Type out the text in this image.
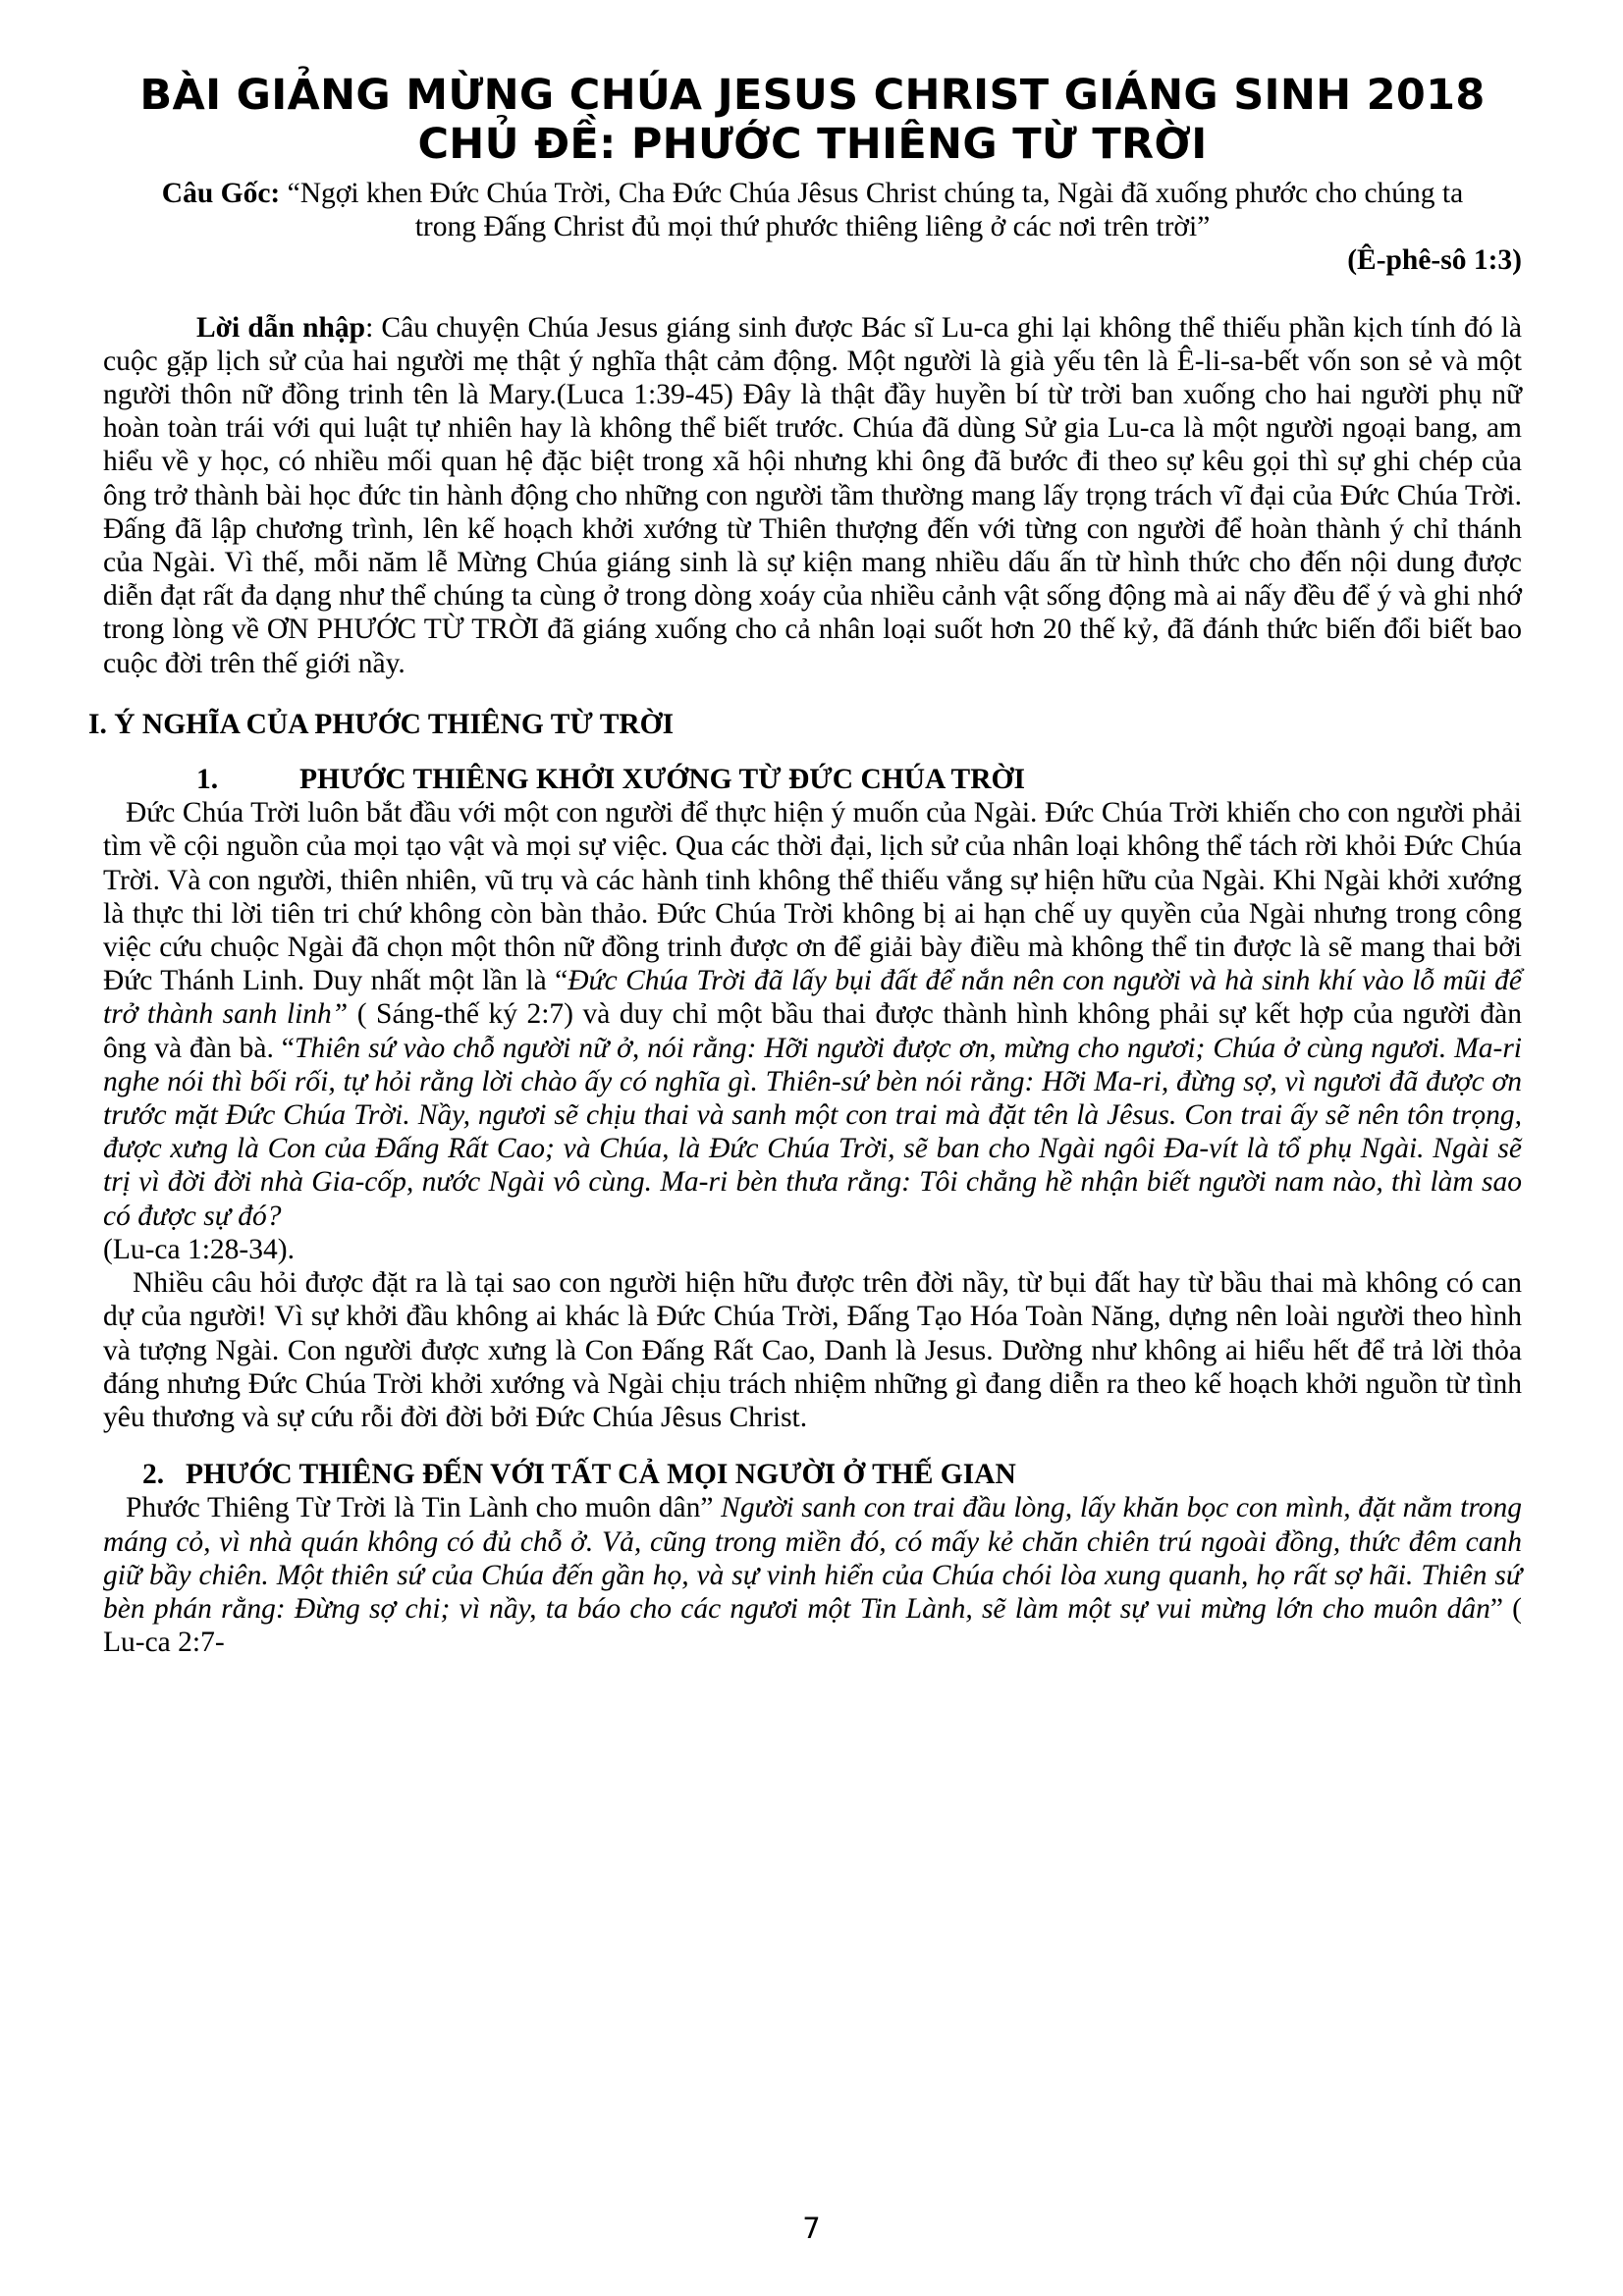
BÀI GIẢNG MỪNG CHÚA JESUS CHRIST GIÁNG SINH 2018
CHỦ ĐỀ: PHƯỚC THIÊNG TỪ TRỜI

Câu Gốc: “Ngợi khen Đức Chúa Trời, Cha Đức Chúa Jêsus Christ chúng ta, Ngài đã xuống phước cho chúng ta trong Đấng Christ đủ mọi thứ phước thiêng liêng ở các nơi trên trời”

(Ê-phê-sô 1:3)

Lời dẫn nhập: Câu chuyện Chúa Jesus giáng sinh được Bác sĩ Lu-ca ghi lại không thể thiếu phần kịch tính đó là cuộc gặp lịch sử của hai người mẹ thật ý nghĩa thật cảm động. Một người là già yếu tên là Ê-li-sa-bết vốn son sẻ và một người thôn nữ đồng trinh tên là Mary.(Luca 1:39-45) Đây là thật đầy huyền bí từ trời ban xuống cho hai người phụ nữ hoàn toàn trái với qui luật tự nhiên hay là không thể biết trước. Chúa đã dùng Sử gia Lu-ca là một người ngoại bang, am hiểu về y học, có nhiều mối quan hệ đặc biệt trong xã hội nhưng khi ông đã bước đi theo sự kêu gọi thì sự ghi chép của ông trở thành bài học đức tin hành động cho những con người tầm thường mang lấy trọng trách vĩ đại của Đức Chúa Trời. Đấng đã lập chương trình, lên kế hoạch khởi xướng từ Thiên thượng đến với từng con người để hoàn thành ý chỉ thánh của Ngài. Vì thế, mỗi năm lễ Mừng Chúa giáng sinh là sự kiện mang nhiều dấu ấn từ hình thức cho đến nội dung được diễn đạt rất đa dạng như thể chúng ta cùng ở trong dòng xoáy của nhiều cảnh vật sống động mà ai nấy đều để ý và ghi nhớ trong lòng về ƠN PHƯỚC TỪ TRỜI đã giáng xuống cho cả nhân loại suốt hơn 20 thế kỷ, đã đánh thức biến đổi biết bao cuộc đời trên thế giới nầy.

I. Ý NGHĨA CỦA PHƯỚC THIÊNG TỪ TRỜI

1.	PHƯỚC THIÊNG KHỞI XƯỚNG TỪ ĐỨC CHÚA TRỜI

Đức Chúa Trời luôn bắt đầu với một con người để thực hiện ý muốn của Ngài. Đức Chúa Trời khiến cho con người phải tìm về cội nguồn của mọi tạo vật và mọi sự việc. Qua các thời đại, lịch sử của nhân loại không thể tách rời khỏi Đức Chúa Trời. Và con người, thiên nhiên, vũ trụ và các hành tinh không thể thiếu vắng sự hiện hữu của Ngài. Khi Ngài khởi xướng là thực thi lời tiên tri chứ không còn bàn thảo. Đức Chúa Trời không bị ai hạn chế uy quyền của Ngài nhưng trong công việc cứu chuộc Ngài đã chọn một thôn nữ đồng trinh được ơn để giải bày điều mà không thể tin được là sẽ mang thai bởi Đức Thánh Linh. Duy nhất một lần là “Đức Chúa Trời đã lấy bụi đất để nắn nên con người và hà sinh khí vào lỗ mũi để trở thành sanh linh” ( Sáng-thế ký 2:7) và duy chỉ một bầu thai được thành hình không phải sự kết hợp của người đàn ông và đàn bà. “Thiên sứ vào chỗ người nữ ở, nói rằng: Hỡi người được ơn, mừng cho ngươi; Chúa ở cùng ngươi. Ma-ri nghe nói thì bối rối, tự hỏi rằng lời chào ấy có nghĩa gì. Thiên-sứ bèn nói rằng: Hỡi Ma-ri, đừng sợ, vì ngươi đã được ơn trước mặt Đức Chúa Trời. Nầy, ngươi sẽ chịu thai và sanh một con trai mà đặt tên là Jêsus. Con trai ấy sẽ nên tôn trọng, được xưng là Con của Đấng Rất Cao; và Chúa, là Đức Chúa Trời, sẽ ban cho Ngài ngôi Đa-vít là tổ phụ Ngài. Ngài sẽ trị vì đời đời nhà Gia-cốp, nước Ngài vô cùng. Ma-ri bèn thưa rằng: Tôi chẳng hề nhận biết người nam nào, thì làm sao có được sự đó?
(Lu-ca 1:28-34).

Nhiều câu hỏi được đặt ra là tại sao con người hiện hữu được trên đời nầy, từ bụi đất hay từ bầu thai mà không có can dự của người! Vì sự khởi đầu không ai khác là Đức Chúa Trời, Đấng Tạo Hóa Toàn Năng, dựng nên loài người theo hình và tượng Ngài. Con người được xưng là Con Đấng Rất Cao, Danh là Jesus. Dường như không ai hiểu hết để trả lời thỏa đáng nhưng Đức Chúa Trời khởi xướng và Ngài chịu trách nhiệm những gì đang diễn ra theo kế hoạch khởi nguồn từ tình yêu thương và sự cứu rỗi đời đời bởi Đức Chúa Jêsus Christ.

2. PHƯỚC THIÊNG ĐẾN VỚI TẤT CẢ MỌI NGƯỜI Ở THẾ GIAN

Phước Thiêng Từ Trời là Tin Lành cho muôn dân” Người sanh con trai đầu lòng, lấy khăn bọc con mình, đặt nằm trong máng cỏ, vì nhà quán không có đủ chỗ ở. Vả, cũng trong miền đó, có mấy kẻ chăn chiên trú ngoài đồng, thức đêm canh giữ bầy chiên. Một thiên sứ của Chúa đến gần họ, và sự vinh hiển của Chúa chói lòa xung quanh, họ rất sợ hãi. Thiên sứ bèn phán rằng: Đừng sợ chi; vì nầy, ta báo cho các ngươi một Tin Lành, sẽ làm một sự vui mừng lớn cho muôn dân” ( Lu-ca 2:7-

7
